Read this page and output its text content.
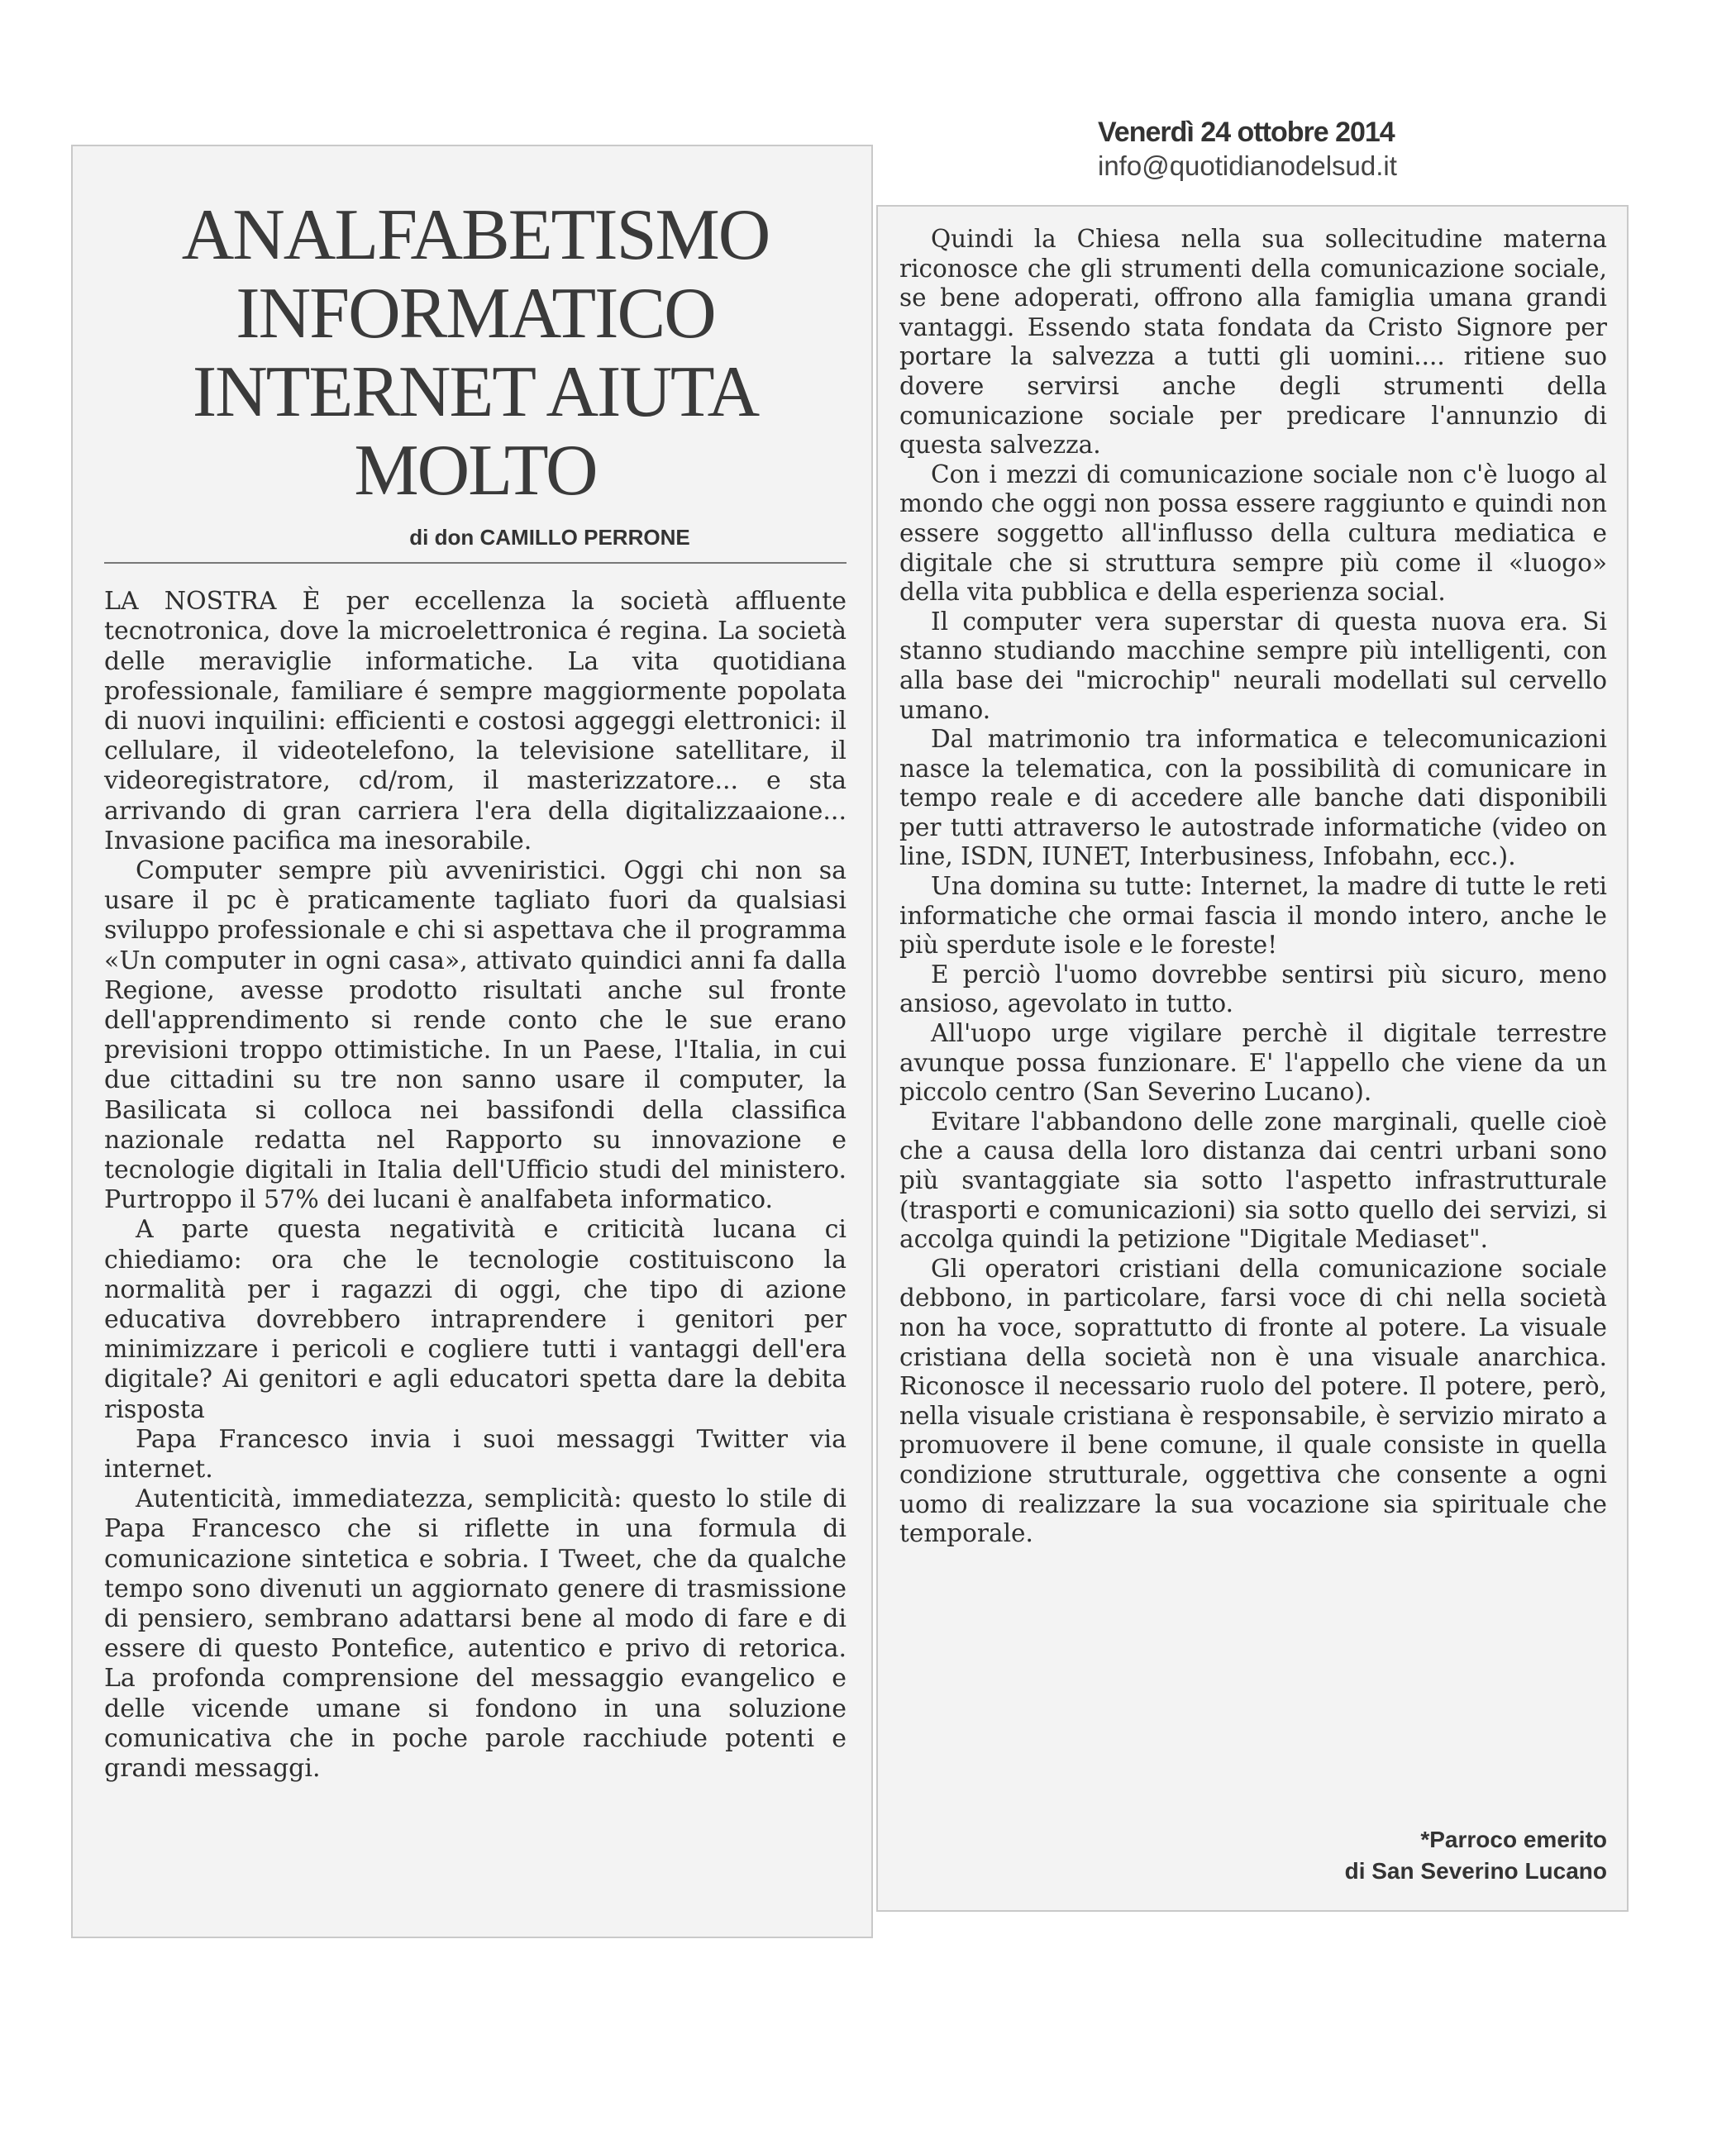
Venerdì 24 ottobre 2014
info@quotidianodelsud.it
ANALFABETISMO
INFORMATICO
INTERNET AIUTA MOLTO
di don CAMILLO PERRONE

LA NOSTRA È per eccellenza la società affluente tecnotronica, dove la microelettronica é regina. La società delle meraviglie informatiche. La vita quotidiana professionale, familiare é sempre maggiormente popolata di nuovi inquilini: efficienti e costosi aggeggi elettronici: il cellulare, il videotelefono, la televisione satellitare, il videoregistratore, cd/rom, il masterizzatore... e sta arrivando di gran carriera l'era della digitalizzaaione... Invasione pacifica ma inesorabile.

Computer sempre più avveniristici. Oggi chi non sa usare il pc è praticamente tagliato fuori da qualsiasi sviluppo professionale e chi si aspettava che il programma «Un computer in ogni casa», attivato quindici anni fa dalla Regione, avesse prodotto risultati anche sul fronte dell'apprendimento si rende conto che le sue erano previsioni troppo ottimistiche. In un Paese, l'Italia, in cui due cittadini su tre non sanno usare il computer, la Basilicata si colloca nei bassifondi della classifica nazionale redatta nel Rapporto su innovazione e tecnologie digitali in Italia dell'Ufficio studi del ministero. Purtroppo il 57% dei lucani è analfabeta informatico.

A parte questa negatività e criticità lucana ci chiediamo: ora che le tecnologie costituiscono la normalità per i ragazzi di oggi, che tipo di azione educativa dovrebbero intraprendere i genitori per minimizzare i pericoli e cogliere tutti i vantaggi dell'era digitale? Ai genitori e agli educatori spetta dare la debita risposta

Papa Francesco invia i suoi messaggi Twitter via internet.

Autenticità, immediatezza, semplicità: questo lo stile di Papa Francesco che si riflette in una formula di comunicazione sintetica e sobria. I Tweet, che da qualche tempo sono divenuti un aggiornato genere di trasmissione di pensiero, sembrano adattarsi bene al modo di fare e di essere di questo Pontefice, autentico e privo di retorica. La profonda comprensione del messaggio evangelico e delle vicende umane si fondono in una soluzione comunicativa che in poche parole racchiude potenti e grandi messaggi.

Quindi la Chiesa nella sua sollecitudine materna riconosce che gli strumenti della comunicazione sociale, se bene adoperati, offrono alla famiglia umana grandi vantaggi. Essendo stata fondata da Cristo Signore per portare la salvezza a tutti gli uomini.... ritiene suo dovere servirsi anche degli strumenti della comunicazione sociale per predicare l'annunzio di questa salvezza.

Con i mezzi di comunicazione sociale non c'è luogo al mondo che oggi non possa essere raggiunto e quindi non essere soggetto all'influsso della cultura mediatica e digitale che si struttura sempre più come il «luogo» della vita pubblica e della esperienza social.

Il computer vera superstar di questa nuova era. Si stanno studiando macchine sempre più intelligenti, con alla base dei "microchip" neurali modellati sul cervello umano.

Dal matrimonio tra informatica e telecomunicazioni nasce la telematica, con la possibilità di comunicare in tempo reale e di accedere alle banche dati disponibili per tutti attraverso le autostrade informatiche (video on line, ISDN, IUNET, Interbusiness, Infobahn, ecc.).

Una domina su tutte: Internet, la madre di tutte le reti informatiche che ormai fascia il mondo intero, anche le più sperdute isole e le foreste!

E perciò l'uomo dovrebbe sentirsi più sicuro, meno ansioso, agevolato in tutto.

All'uopo urge vigilare perchè il digitale terrestre avunque possa funzionare. E' l'appello che viene da un piccolo centro (San Severino Lucano).

Evitare l'abbandono delle zone marginali, quelle cioè che a causa della loro distanza dai centri urbani sono più svantaggiate sia sotto l'aspetto infrastrutturale (trasporti e comunicazioni) sia sotto quello dei servizi, si accolga quindi la petizione "Digitale Mediaset".

Gli operatori cristiani della comunicazione sociale debbono, in particolare, farsi voce di chi nella società non ha voce, soprattutto di fronte al potere. La visuale cristiana della società non è una visuale anarchica. Riconosce il necessario ruolo del potere. Il potere, però, nella visuale cristiana è responsabile, è servizio mirato a promuovere il bene comune, il quale consiste in quella condizione strutturale, oggettiva che consente a ogni uomo di realizzare la sua vocazione sia spirituale che temporale.

*Parroco emerito
di San Severino Lucano
